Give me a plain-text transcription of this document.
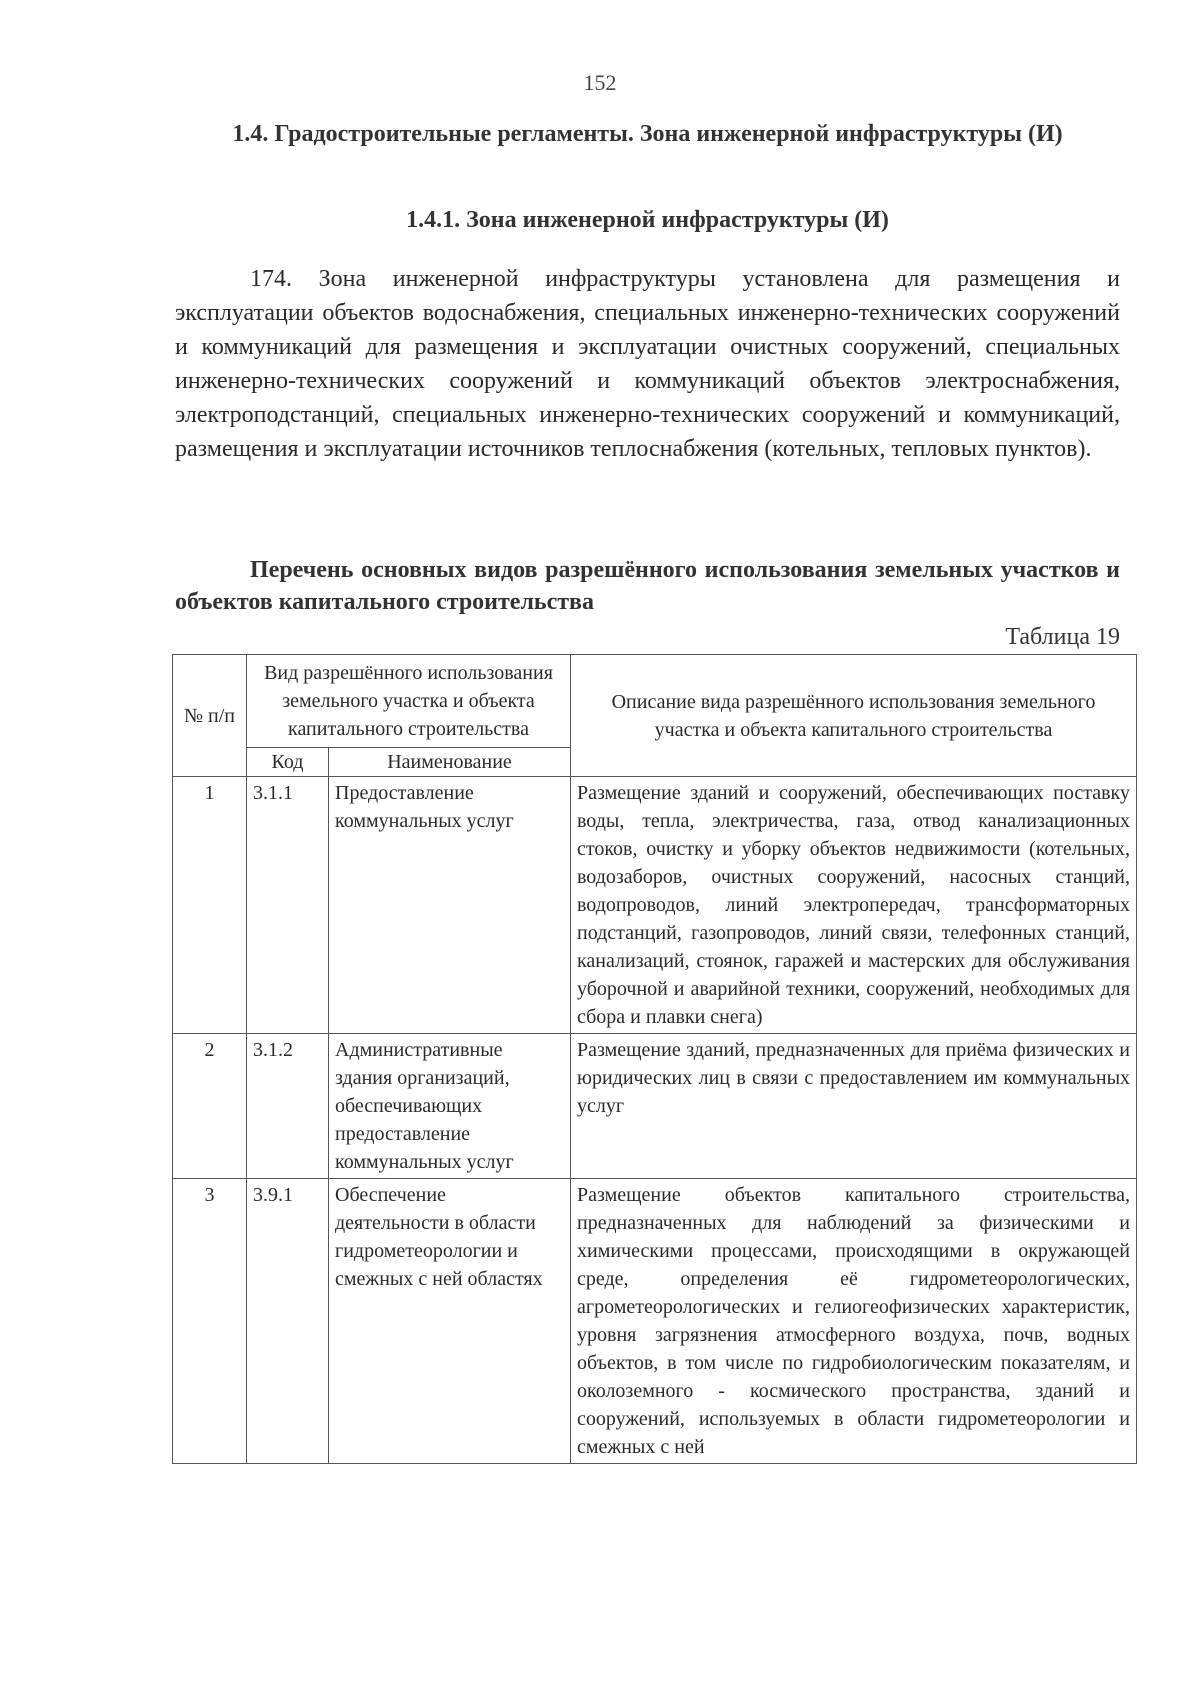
152
1.4. Градостроительные регламенты. Зона инженерной инфраструктуры (И)
1.4.1. Зона инженерной инфраструктуры (И)
174. Зона инженерной инфраструктуры установлена для размещения и эксплуатации объектов водоснабжения, специальных инженерно-технических сооружений и коммуникаций для размещения и эксплуатации очистных сооружений, специальных инженерно-технических сооружений и коммуникаций объектов электроснабжения, электроподстанций, специальных инженерно-технических сооружений и коммуникаций, размещения и эксплуатации источников теплоснабжения (котельных, тепловых пунктов).
Перечень основных видов разрешённого использования земельных участков и объектов капитального строительства
Таблица 19
№ п/п	Вид разрешённого использования земельного участка и объекта капитального строительства		Описание вида разрешённого использования земельного участка и объекта капитального строительства
	Код	Наименование	
1	3.1.1	Предоставление коммунальных услуг	Размещение зданий и сооружений, обеспечивающих поставку воды, тепла, электричества, газа, отвод канализационных стоков, очистку и уборку объектов недвижимости (котельных, водозаборов, очистных сооружений, насосных станций, водопроводов, линий электропередач, трансформаторных подстанций, газопроводов, линий связи, телефонных станций, канализаций, стоянок, гаражей и мастерских для обслуживания уборочной и аварийной техники, сооружений, необходимых для сбора и плавки снега)
2	3.1.2	Административные здания организаций, обеспечивающих предоставление коммунальных услуг	Размещение зданий, предназначенных для приёма физических и юридических лиц в связи с предоставлением им коммунальных услуг
3	3.9.1	Обеспечение деятельности в области гидрометеорологии и смежных с ней областях	Размещение объектов капитального строительства, предназначенных для наблюдений за физическими и химическими процессами, происходящими в окружающей среде, определения её гидрометеорологических, агрометеорологических и гелиогеофизических характеристик, уровня загрязнения атмосферного воздуха, почв, водных объектов, в том числе по гидробиологическим показателям, и околоземного - космического пространства, зданий и сооружений, используемых в области гидрометеорологии и смежных с ней
